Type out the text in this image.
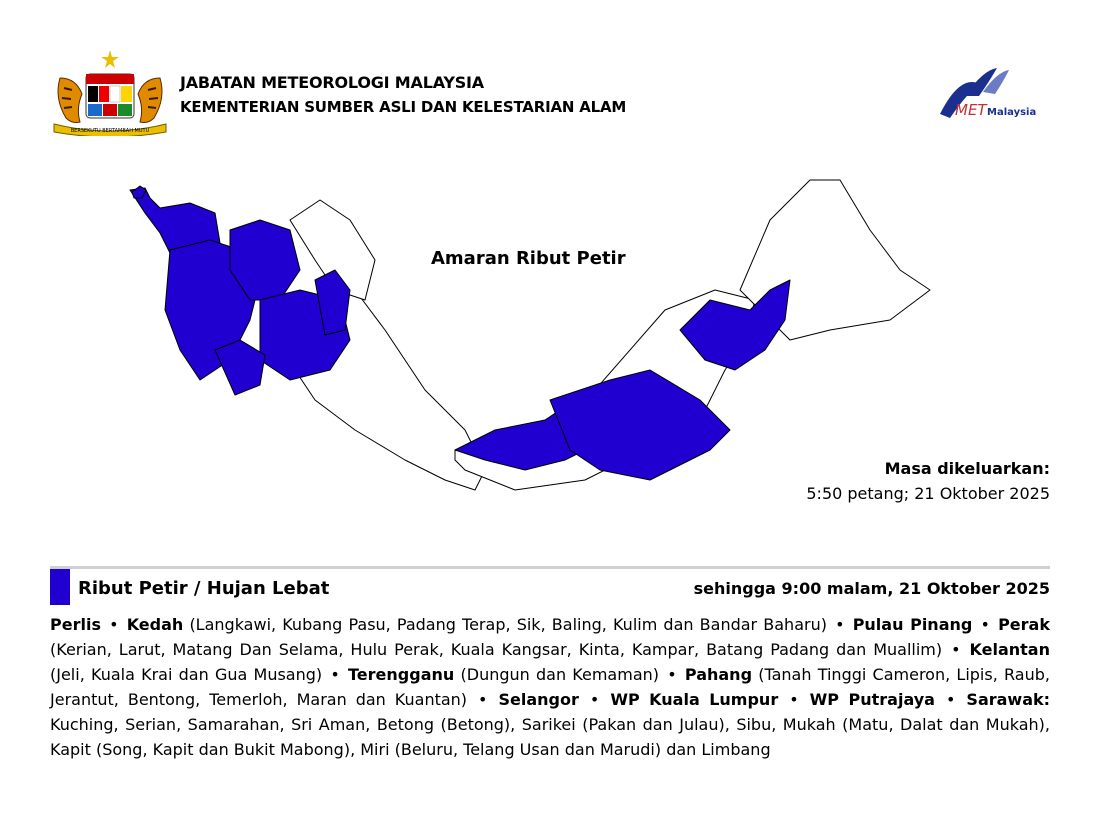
BERSEKUTU BERTAMBAH MUTU
JABATAN METEOROLOGI MALAYSIA
KEMENTERIAN SUMBER ASLI DAN KELESTARIAN ALAM	MET Malaysia
Amaran Ribut Petir
Masa dikeluarkan:
5:50 petang; 21 Oktober 2025
Ribut Petir / Hujan Lebat	sehingga 9:00 malam, 21 Oktober 2025
Perlis • Kedah (Langkawi, Kubang Pasu, Padang Terap, Sik, Baling, Kulim dan Bandar Baharu) • Pulau Pinang • Perak (Kerian, Larut, Matang Dan Selama, Hulu Perak, Kuala Kangsar, Kinta, Kampar, Batang Padang dan Muallim) • Kelantan (Jeli, Kuala Krai dan Gua Musang) • Terengganu (Dungun dan Kemaman) • Pahang (Tanah Tinggi Cameron, Lipis, Raub, Jerantut, Bentong, Temerloh, Maran dan Kuantan) • Selangor • WP Kuala Lumpur • WP Putrajaya • Sarawak: Kuching, Serian, Samarahan, Sri Aman, Betong (Betong), Sarikei (Pakan dan Julau), Sibu, Mukah (Matu, Dalat dan Mukah), Kapit (Song, Kapit dan Bukit Mabong), Miri (Beluru, Telang Usan dan Marudi) dan Limbang
